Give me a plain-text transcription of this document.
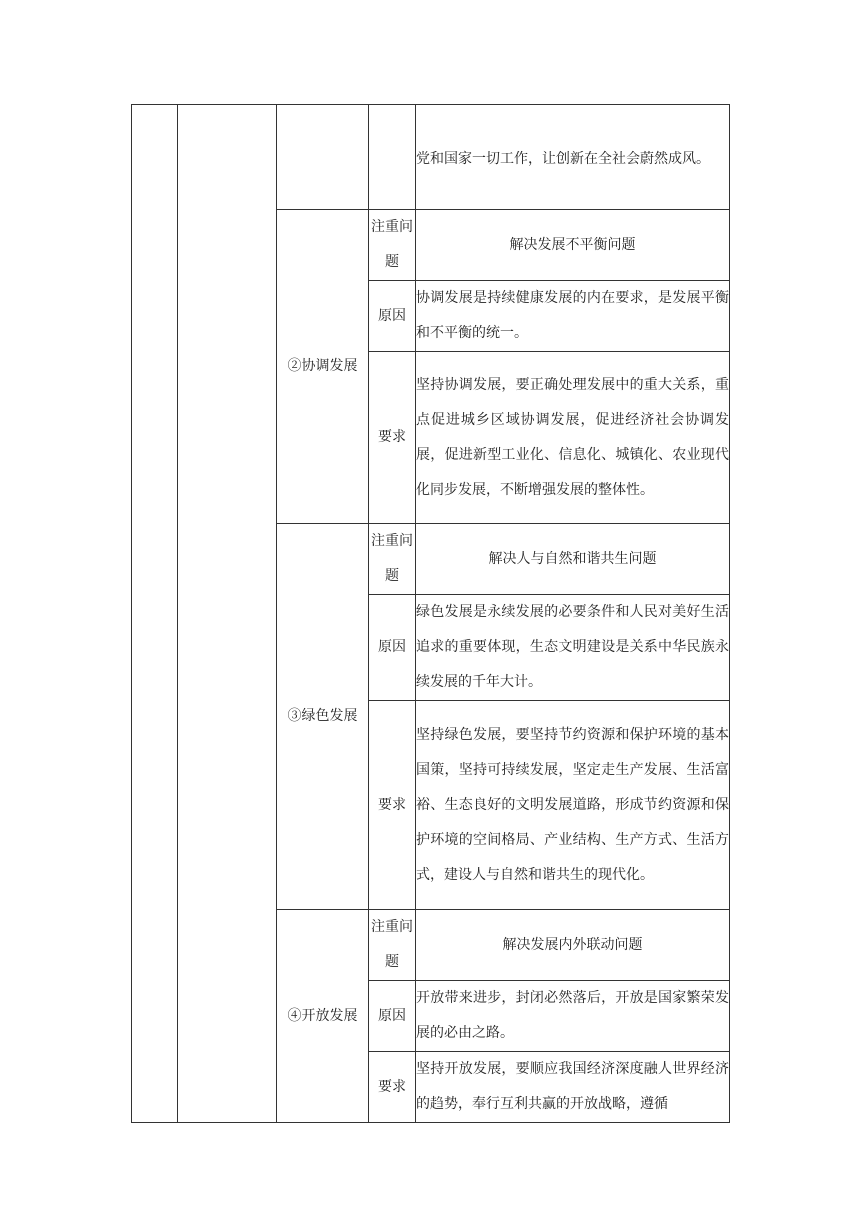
				党和国家一切工作，让创新在全社会蔚然成风。
		②协调发展	注重问题	解决发展不平衡问题
			原因	协调发展是持续健康发展的内在要求，是发展平衡和不平衡的统一。
			要求	坚持协调发展，要正确处理发展中的重大关系，重点促进城乡区域协调发展，促进经济社会协调发展，促进新型工业化、信息化、城镇化、农业现代化同步发展，不断增强发展的整体性。
		③绿色发展	注重问题	解决人与自然和谐共生问题
			原因	绿色发展是永续发展的必要条件和人民对美好生活追求的重要体现，生态文明建设是关系中华民族永续发展的千年大计。
			要求	坚持绿色发展，要坚持节约资源和保护环境的基本国策，坚持可持续发展，坚定走生产发展、生活富裕、生态良好的文明发展道路，形成节约资源和保护环境的空间格局、产业结构、生产方式、生活方式，建设人与自然和谐共生的现代化。
		④开放发展	注重问题	解决发展内外联动问题
			原因	开放带来进步，封闭必然落后，开放是国家繁荣发展的必由之路。
			要求	坚持开放发展，要顺应我国经济深度融人世界经济的趋势，奉行互利共赢的开放战略，遵循
